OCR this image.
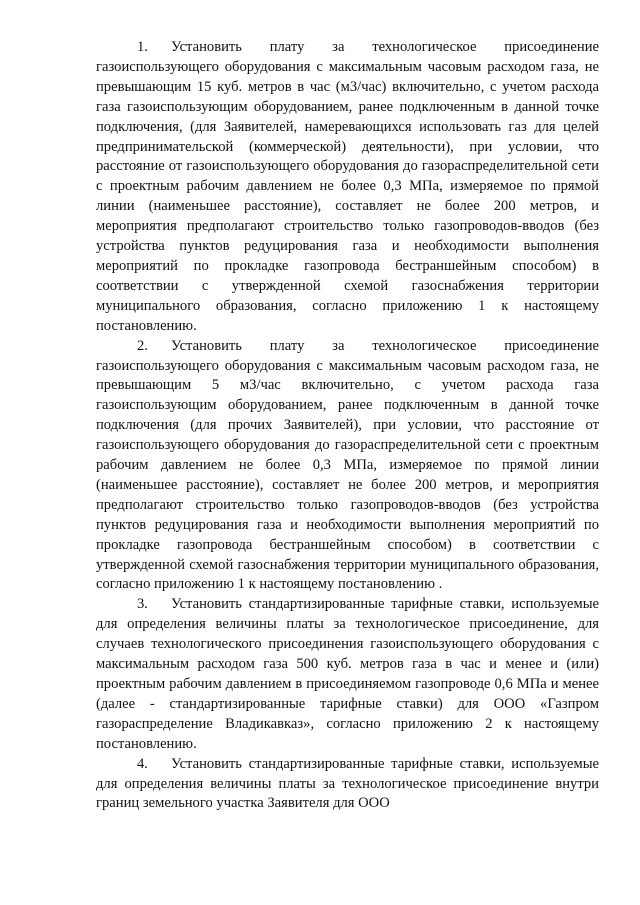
1. Установить плату за технологическое присоединение газоиспользующего оборудования с максимальным часовым расходом газа, не превышающим 15 куб. метров в час (м3/час) включительно, с учетом расхода газа газоиспользующим оборудованием, ранее подключенным в данной точке подключения, (для Заявителей, намеревающихся использовать газ для целей предпринимательской (коммерческой) деятельности), при условии, что расстояние от газоиспользующего оборудования до газораспределительной сети с проектным рабочим давлением не более 0,3 МПа, измеряемое по прямой линии (наименьшее расстояние), составляет не более 200 метров, и мероприятия предполагают строительство только газопроводов-вводов (без устройства пунктов редуцирования газа и необходимости выполнения мероприятий по прокладке газопровода бестраншейным способом) в соответствии с утвержденной схемой газоснабжения территории муниципального образования, согласно приложению 1 к настоящему постановлению.

2. Установить плату за технологическое присоединение газоиспользующего оборудования с максимальным часовым расходом газа, не превышающим 5 м3/час включительно, с учетом расхода газа газоиспользующим оборудованием, ранее подключенным в данной точке подключения (для прочих Заявителей), при условии, что расстояние от газоиспользующего оборудования до газораспределительной сети с проектным рабочим давлением не более 0,3 МПа, измеряемое по прямой линии (наименьшее расстояние), составляет не более 200 метров, и мероприятия предполагают строительство только газопроводов-вводов (без устройства пунктов редуцирования газа и необходимости выполнения мероприятий по прокладке газопровода бестраншейным способом) в соответствии с утвержденной схемой газоснабжения территории муниципального образования, согласно приложению 1 к настоящему постановлению .

3. Установить стандартизированные тарифные ставки, используемые для определения величины платы за технологическое присоединение, для случаев технологического присоединения газоиспользующего оборудования с максимальным расходом газа 500 куб. метров газа в час и менее и (или) проектным рабочим давлением в присоединяемом газопроводе 0,6 МПа и менее (далее - стандартизированные тарифные ставки) для ООО «Газпром газораспределение Владикавказ», согласно приложению 2 к настоящему постановлению.

4. Установить стандартизированные тарифные ставки, используемые для определения величины платы за технологическое присоединение внутри границ земельного участка Заявителя для ООО
